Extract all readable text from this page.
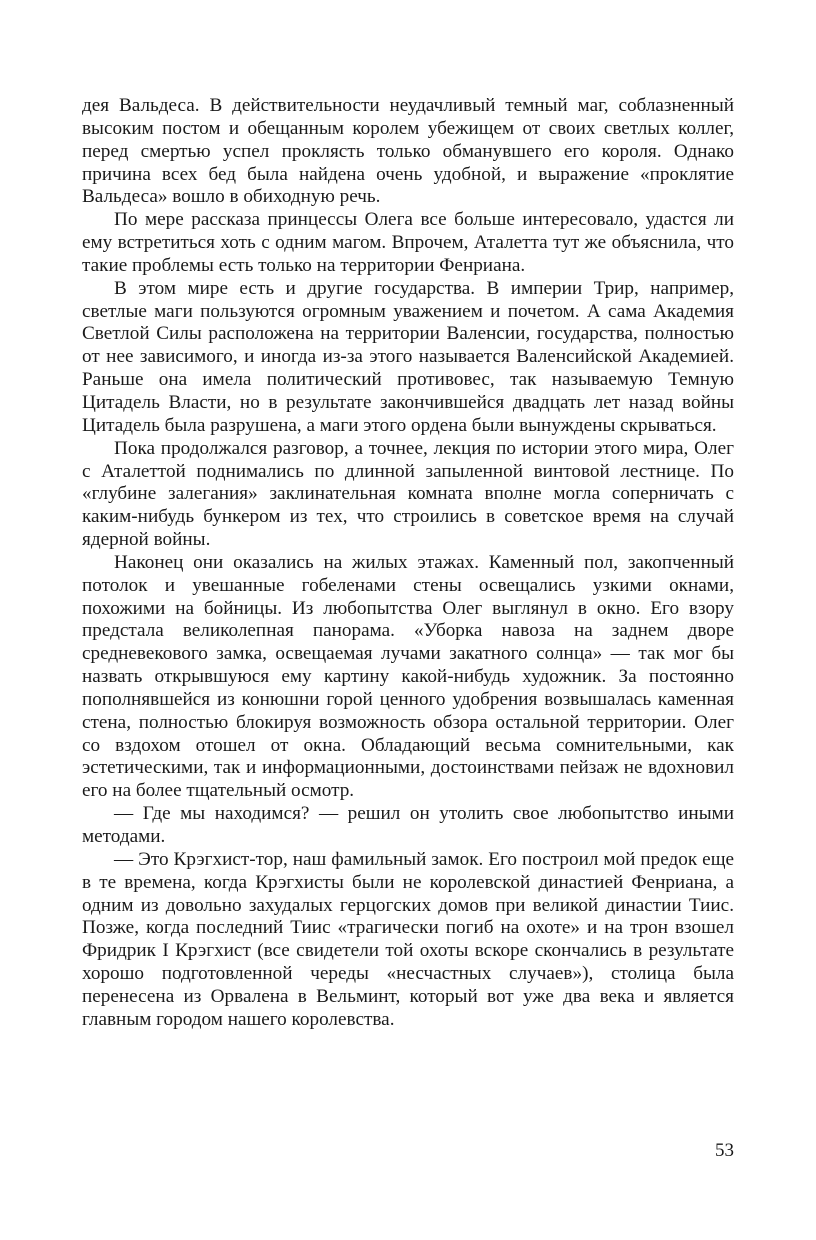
дея Вальдеса. В действительности неудачливый темный маг, соблазненный высоким постом и обещанным королем убежищем от своих светлых коллег, перед смертью успел проклясть только обманувшего его короля. Однако причина всех бед была найдена очень удобной, и выражение «проклятие Вальдеса» вошло в обиходную речь.

По мере рассказа принцессы Олега все больше интересовало, удастся ли ему встретиться хоть с одним магом. Впрочем, Аталетта тут же объяснила, что такие проблемы есть только на территории Фенриана.

В этом мире есть и другие государства. В империи Трир, например, светлые маги пользуются огромным уважением и почетом. А сама Академия Светлой Силы расположена на территории Валенсии, государства, полностью от нее зависимого, и иногда из-за этого называется Валенсийской Академией. Раньше она имела политический противовес, так называемую Темную Цитадель Власти, но в результате закончившейся двадцать лет назад войны Цитадель была разрушена, а маги этого ордена были вынуждены скрываться.

Пока продолжался разговор, а точнее, лекция по истории этого мира, Олег с Аталеттой поднимались по длинной запыленной винтовой лестнице. По «глубине залегания» заклинательная комната вполне могла соперничать с каким-нибудь бункером из тех, что строились в советское время на случай ядерной войны.

Наконец они оказались на жилых этажах. Каменный пол, закопченный потолок и увешанные гобеленами стены освещались узкими окнами, похожими на бойницы. Из любопытства Олег выглянул в окно. Его взору предстала великолепная панорама. «Уборка навоза на заднем дворе средневекового замка, освещаемая лучами закатного солнца» — так мог бы назвать открывшуюся ему картину какой-нибудь художник. За постоянно пополнявшейся из конюшни горой ценного удобрения возвышалась каменная стена, полностью блокируя возможность обзора остальной территории. Олег со вздохом отошел от окна. Обладающий весьма сомнительными, как эстетическими, так и информационными, достоинствами пейзаж не вдохновил его на более тщательный осмотр.

— Где мы находимся? — решил он утолить свое любопытство иными методами.

— Это Крэгхист-тор, наш фамильный замок. Его построил мой предок еще в те времена, когда Крэгхисты были не королевской династией Фенриана, а одним из довольно захудалых герцогских домов при великой династии Тиис. Позже, когда последний Тиис «трагически погиб на охоте» и на трон взошел Фридрик I Крэгхист (все свидетели той охоты вскоре скончались в результате хорошо подготовленной череды «несчастных случаев»), столица была перенесена из Орвалена в Вельминт, который вот уже два века и является главным городом нашего королевства.

53
